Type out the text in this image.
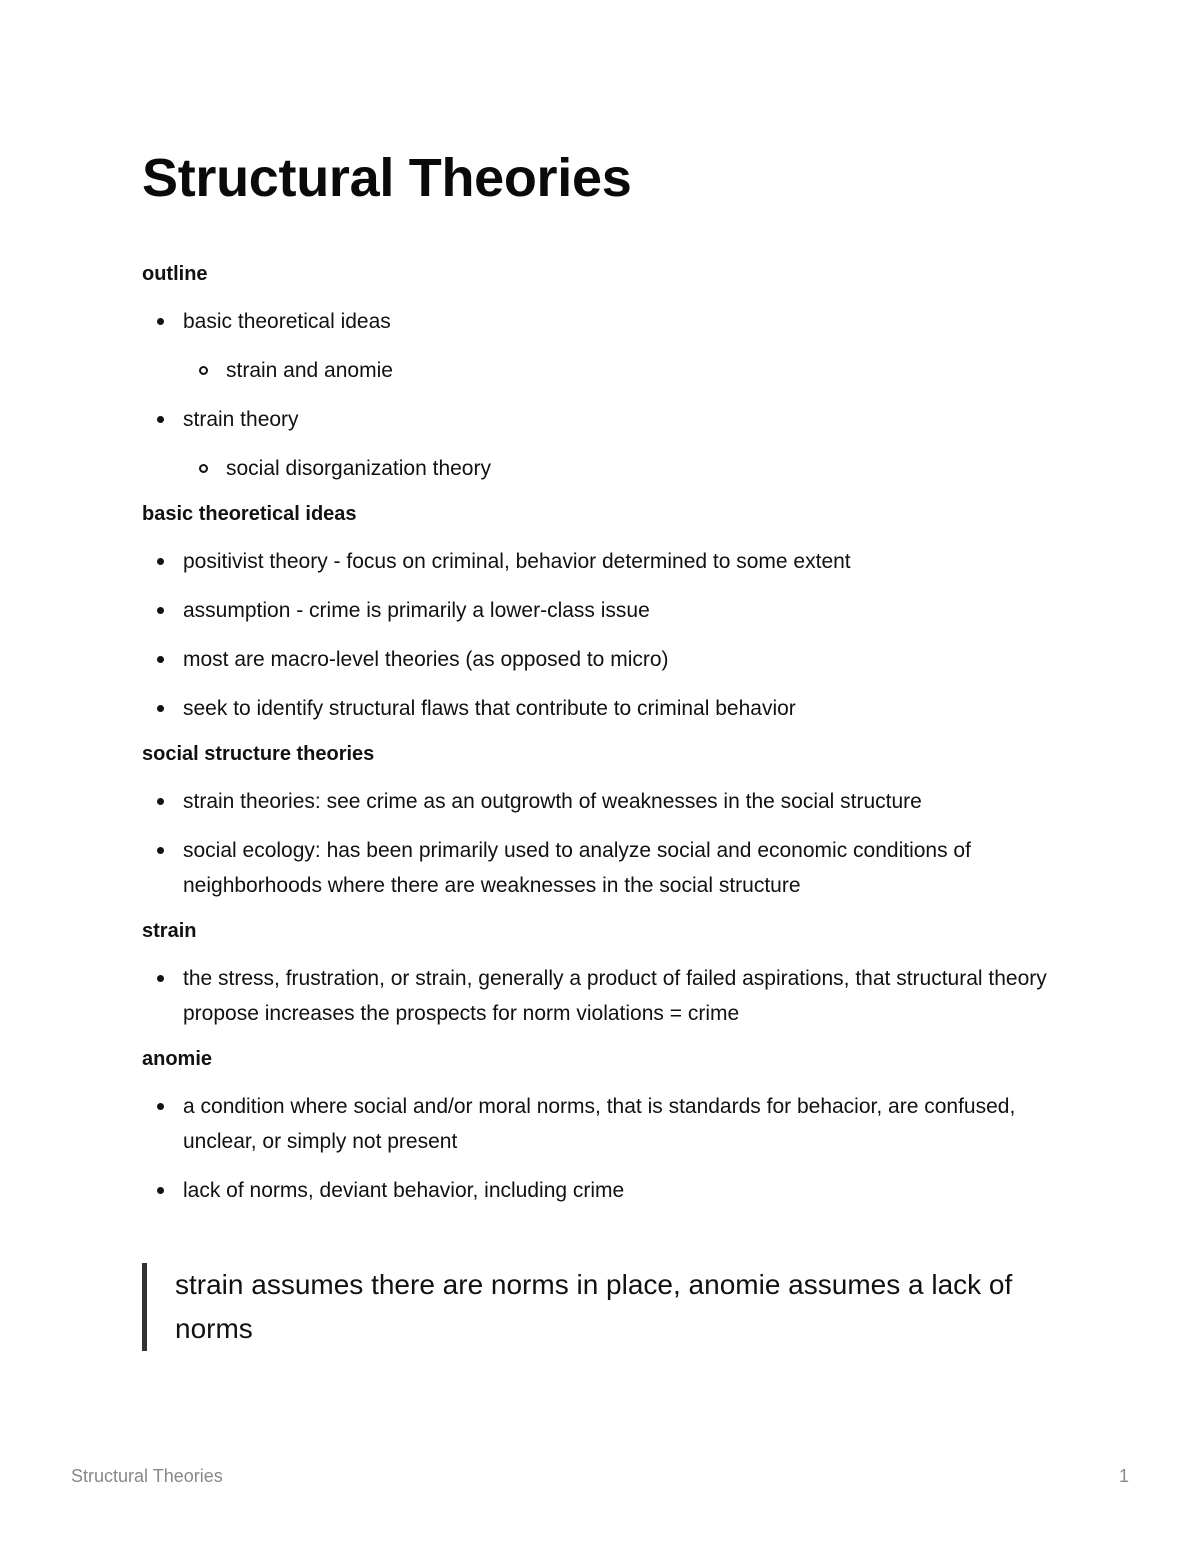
Structural Theories

outline

basic theoretical ideas
strain and anomie
strain theory
social disorganization theory

basic theoretical ideas

positivist theory - focus on criminal, behavior determined to some extent
assumption - crime is primarily a lower-class issue
most are macro-level theories (as opposed to micro)
seek to identify structural flaws that contribute to criminal behavior

social structure theories

strain theories: see crime as an outgrowth of weaknesses in the social structure
social ecology: has been primarily used to analyze social and economic conditions of neighborhoods where there are weaknesses in the social structure

strain

the stress, frustration, or strain, generally a product of failed aspirations, that structural theory propose increases the prospects for norm violations = crime

anomie

a condition where social and/or moral norms, that is standards for behacior, are confused, unclear, or simply not present
lack of norms, deviant behavior, including crime
strain assumes there are norms in place, anomie assumes a lack of norms
Structural Theories	1
